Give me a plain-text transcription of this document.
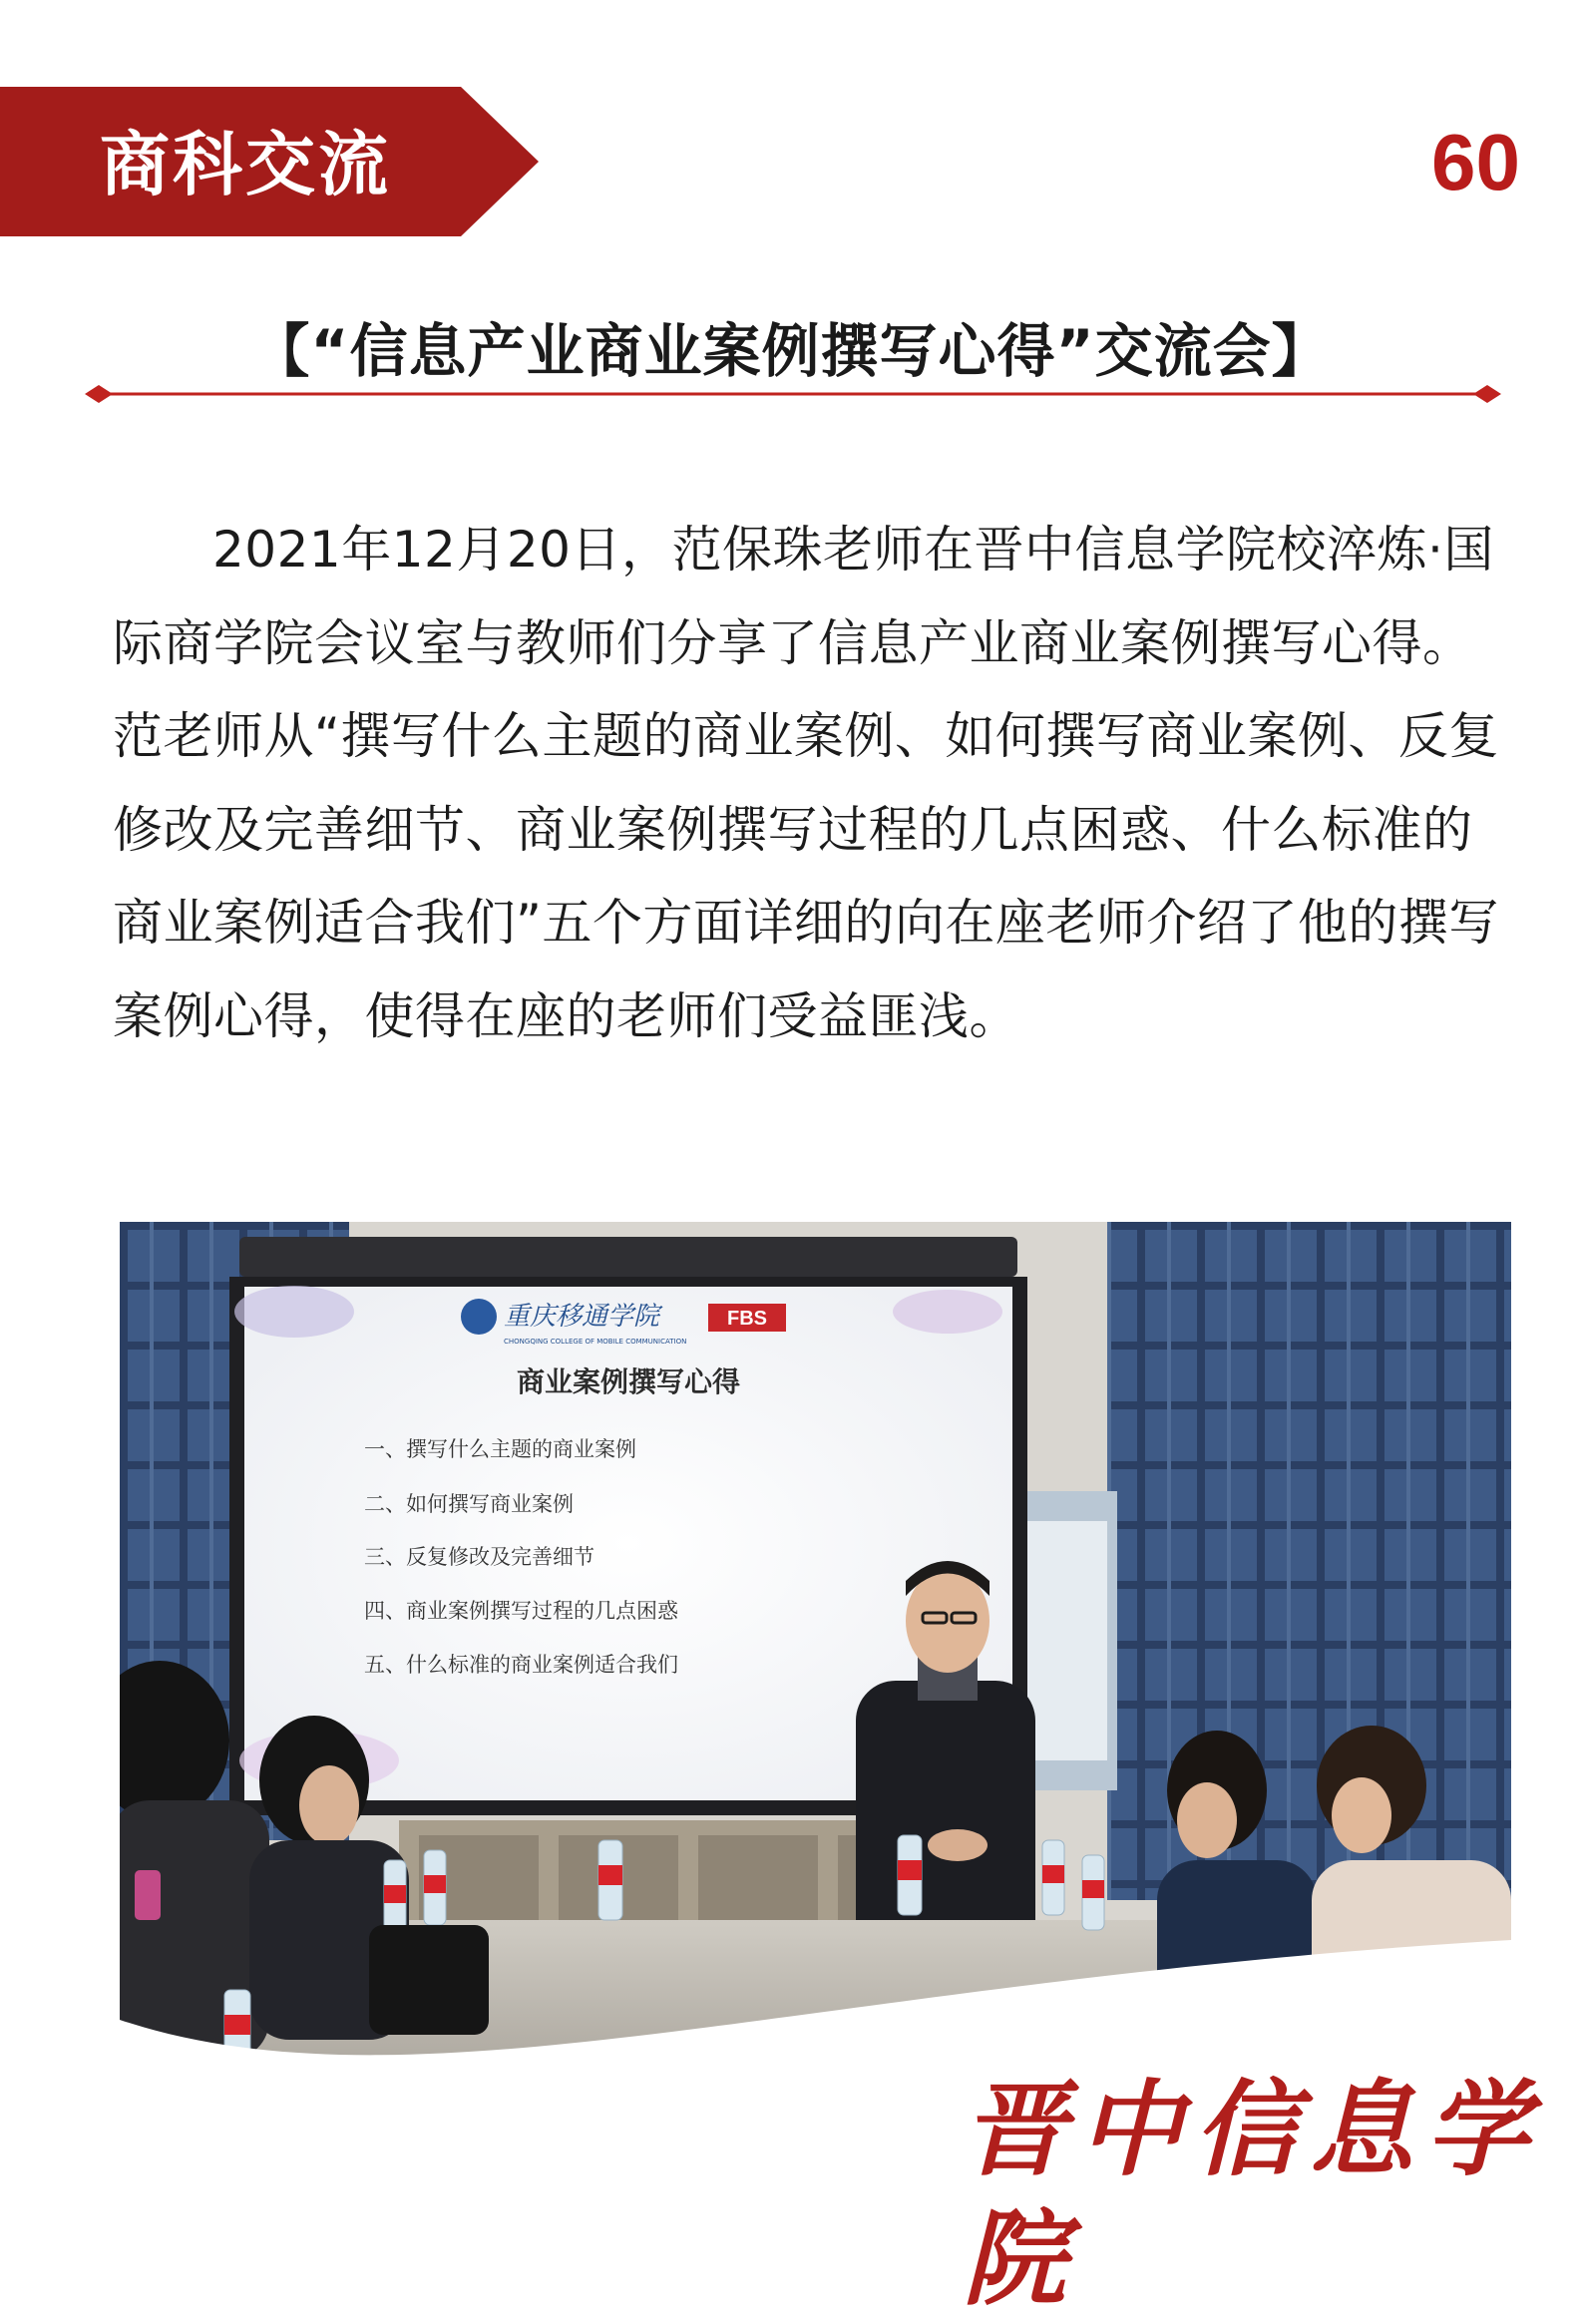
商科交流	60
【“信息产业商业案例撰写心得”交流会】

2021年12月20日，范保珠老师在晋中信息学院校淬炼·国际商学院会议室与教师们分享了信息产业商业案例撰写心得。范老师从“撰写什么主题的商业案例、如何撰写商业案例、反复修改及完善细节、商业案例撰写过程的几点困惑、什么标准的商业案例适合我们”五个方面详细的向在座老师介绍了他的撰写案例心得，使得在座的老师们受益匪浅。

重庆移通学院
CHONGQING COLLEGE OF MOBILE COMMUNICATION
FBS
商业案例撰写心得
一、撰写什么主题的商业案例
二、如何撰写商业案例
三、反复修改及完善细节
四、商业案例撰写过程的几点困惑
五、什么标准的商业案例适合我们
晋中信息学院
